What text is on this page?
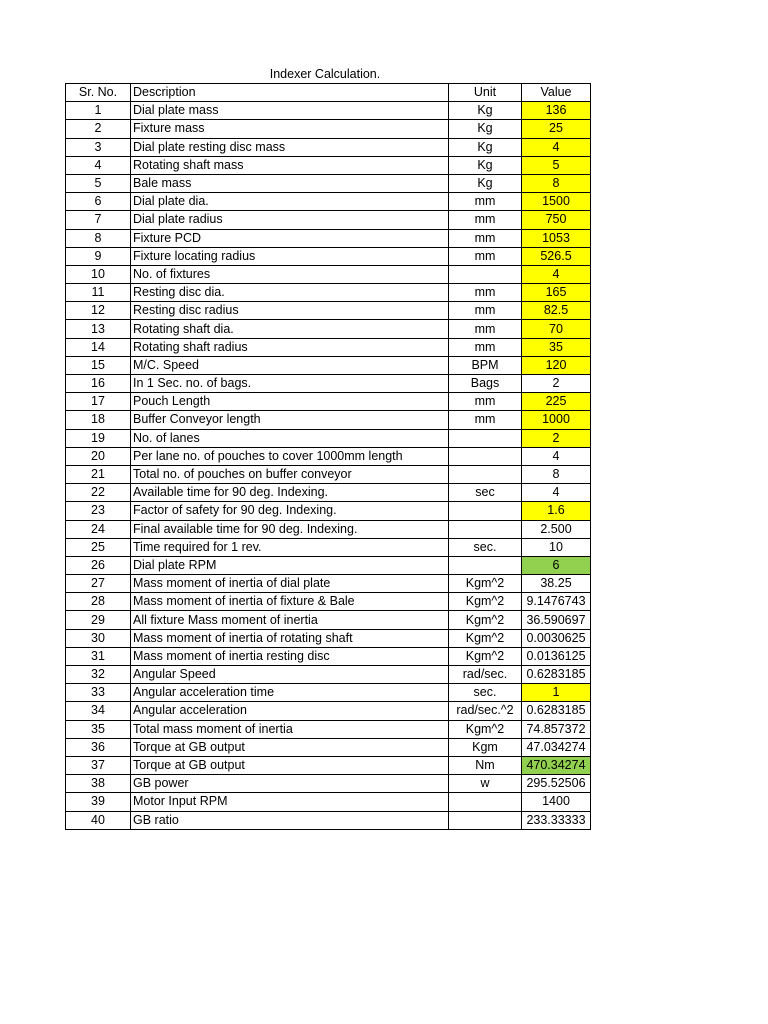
Indexer Calculation.
Sr. No.	Description	Unit	Value
1	Dial plate mass	Kg	136
2	Fixture mass	Kg	25
3	Dial plate resting disc mass	Kg	4
4	Rotating shaft mass	Kg	5
5	Bale mass	Kg	8
6	Dial plate dia.	mm	1500
7	Dial plate radius	mm	750
8	Fixture PCD	mm	1053
9	Fixture locating radius	mm	526.5
10	No. of fixtures		4
11	Resting disc dia.	mm	165
12	Resting disc radius	mm	82.5
13	Rotating shaft dia.	mm	70
14	Rotating shaft radius	mm	35
15	M/C. Speed	BPM	120
16	In 1 Sec. no. of bags.	Bags	2
17	Pouch Length	mm	225
18	Buffer Conveyor length	mm	1000
19	No. of lanes		2
20	Per lane no. of pouches to cover 1000mm length		4
21	Total no. of pouches on buffer conveyor		8
22	Available time for 90 deg. Indexing.	sec	4
23	Factor of safety for 90 deg. Indexing.		1.6
24	Final available time for 90 deg. Indexing.		2.500
25	Time required for 1 rev.	sec.	10
26	Dial plate RPM		6
27	Mass moment of inertia of dial plate	Kgm^2	38.25
28	Mass moment of inertia of fixture & Bale	Kgm^2	9.1476743
29	All fixture Mass moment of inertia	Kgm^2	36.590697
30	Mass moment of inertia of rotating shaft	Kgm^2	0.0030625
31	Mass moment of inertia resting disc	Kgm^2	0.0136125
32	Angular Speed	rad/sec.	0.6283185
33	Angular acceleration time	sec.	1
34	Angular acceleration	rad/sec.^2	0.6283185
35	Total mass moment of inertia	Kgm^2	74.857372
36	Torque at GB output	Kgm	47.034274
37	Torque at GB output	Nm	470.34274
38	GB power	w	295.52506
39	Motor Input RPM		1400
40	GB ratio		233.33333
